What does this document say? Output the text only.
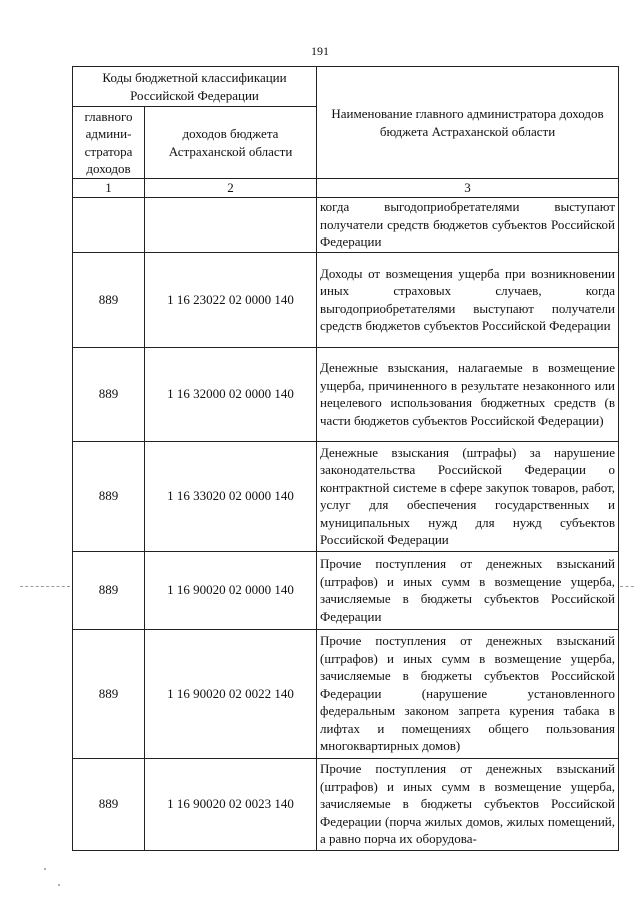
191
Коды бюджетной классификации Российской Федерации		Наименование главного администратора доходов бюджета Астраханской области
главного админи-стратора доходов	доходов бюджета Астраханской области	
1	2	3
		когда выгодоприобретателями выступают получатели средств бюджетов субъектов Российской Федерации
889	1 16 23022 02 0000 140	Доходы от возмещения ущерба при возникновении иных страховых случаев, когда выгодоприобретателями выступают получатели средств бюджетов субъектов Российской Федерации
889	1 16 32000 02 0000 140	Денежные взыскания, налагаемые в возмещение ущерба, причиненного в результате незаконного или нецелевого использования бюджетных средств (в части бюджетов субъектов Российской Федерации)
889	1 16 33020 02 0000 140	Денежные взыскания (штрафы) за нарушение законодательства Российской Федерации о контрактной системе в сфере закупок товаров, работ, услуг для обеспечения государственных и муниципальных нужд для нужд субъектов Российской Федерации
889	1 16 90020 02 0000 140	Прочие поступления от денежных взысканий (штрафов) и иных сумм в возмещение ущерба, зачисляемые в бюджеты субъектов Российской Федерации
889	1 16 90020 02 0022 140	Прочие поступления от денежных взысканий (штрафов) и иных сумм в возмещение ущерба, зачисляемые в бюджеты субъектов Российской Федерации (нарушение установленного федеральным законом запрета курения табака в лифтах и помещениях общего пользования многоквартирных домов)
889	1 16 90020 02 0023 140	Прочие поступления от денежных взысканий (штрафов) и иных сумм в возмещение ущерба, зачисляемые в бюджеты субъектов Российской Федерации (порча жилых домов, жилых помещений, а равно порча их оборудова-
